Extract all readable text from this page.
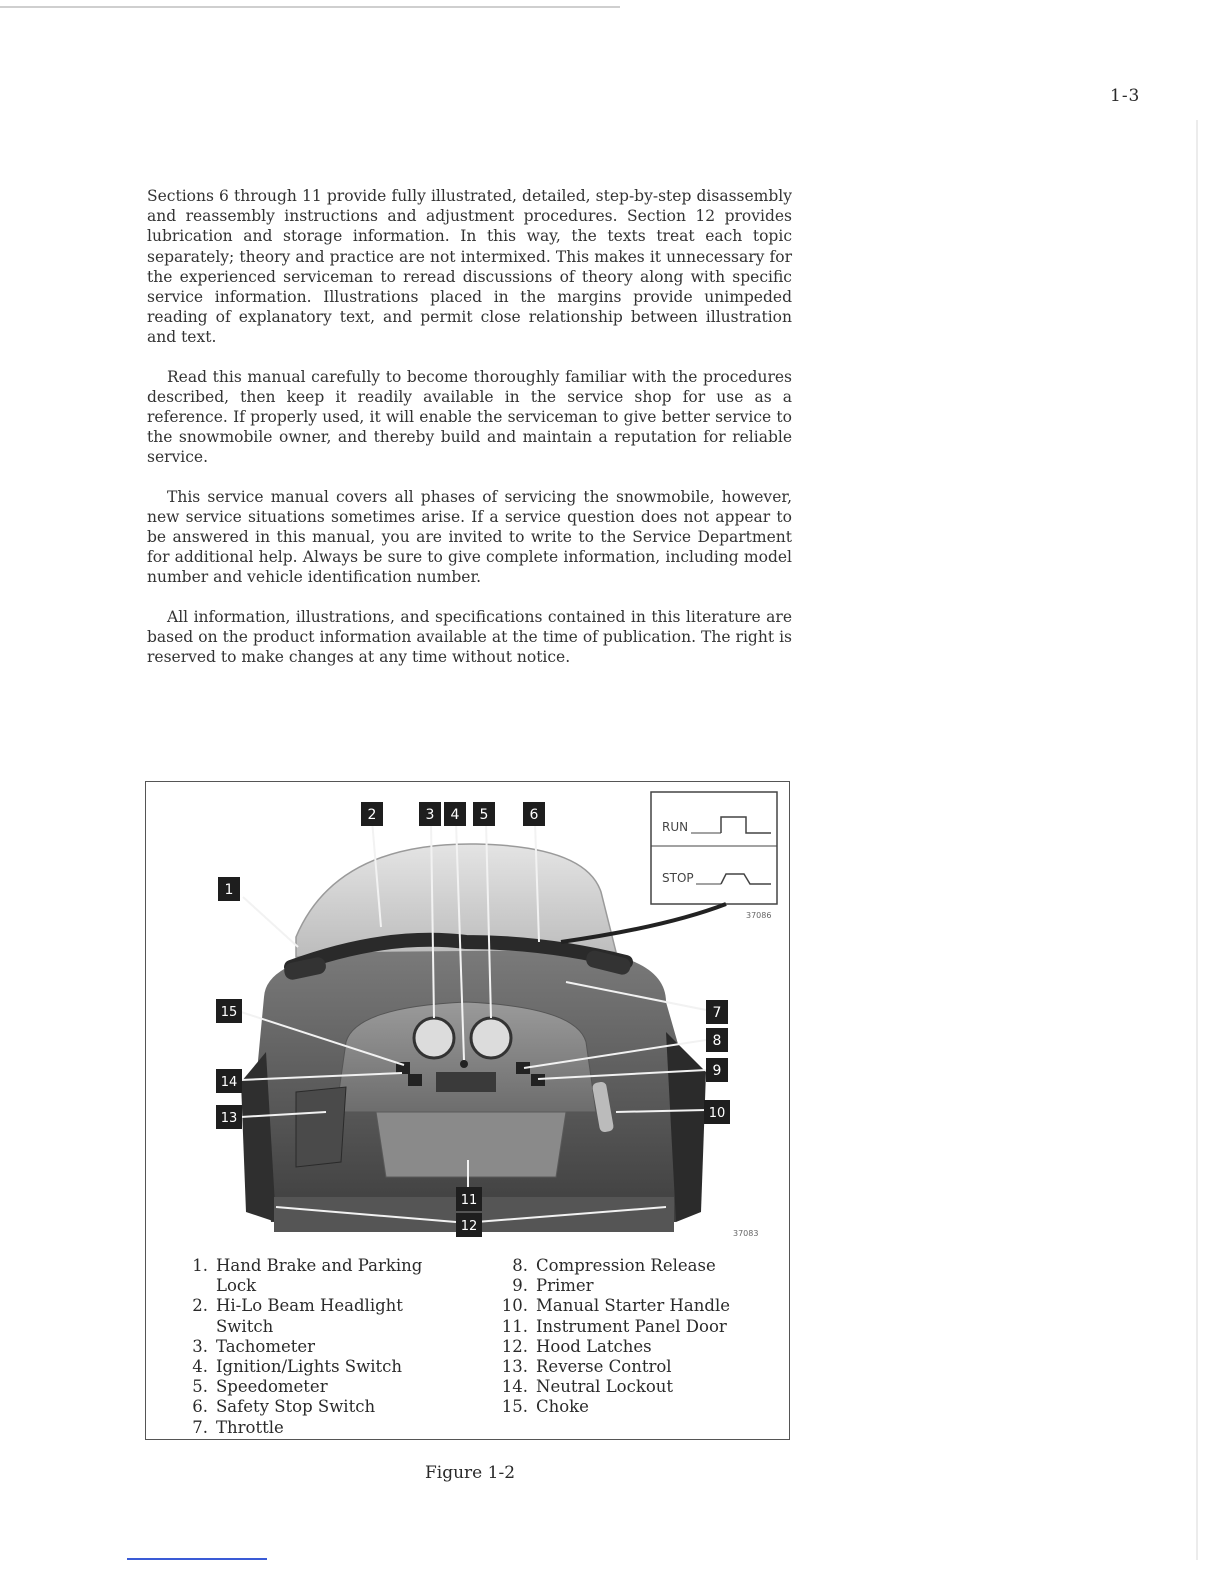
1-3

Sections 6 through 11 provide fully illustrated, detailed, step-by-step disassembly and reassembly instructions and adjustment procedures. Section 12 provides lubrication and storage information. In this way, the texts treat each topic separately; theory and practice are not intermixed. This makes it unnecessary for the experienced serviceman to reread discussions of theory along with specific service information. Illustrations placed in the margins provide unimpeded reading of explanatory text, and permit close relationship between illustration and text.

Read this manual carefully to become thoroughly familiar with the procedures described, then keep it readily available in the service shop for use as a reference. If properly used, it will enable the serviceman to give better service to the snowmobile owner, and thereby build and maintain a reputation for reliable service.

This service manual covers all phases of servicing the snowmobile, however, new service situations sometimes arise. If a service question does not appear to be answered in this manual, you are invited to write to the Service Department for additional help. Always be sure to give complete information, including model number and vehicle identification number.

All information, illustrations, and specifications contained in this literature are based on the product information available at the time of publication. The right is reserved to make changes at any time without notice.

RUN
STOP
37086
37083
1
2	3 4 5	6
7
8
9
10
11
12
13
14
15
1. Hand Brake and Parking Lock
2. Hi-Lo Beam Headlight Switch
3. Tachometer
4. Ignition/Lights Switch
5. Speedometer
6. Safety Stop Switch
7. Throttle
8. Compression Release
9. Primer
10. Manual Starter Handle
11. Instrument Panel Door
12. Hood Latches
13. Reverse Control
14. Neutral Lockout
15. Choke
Figure 1-2
